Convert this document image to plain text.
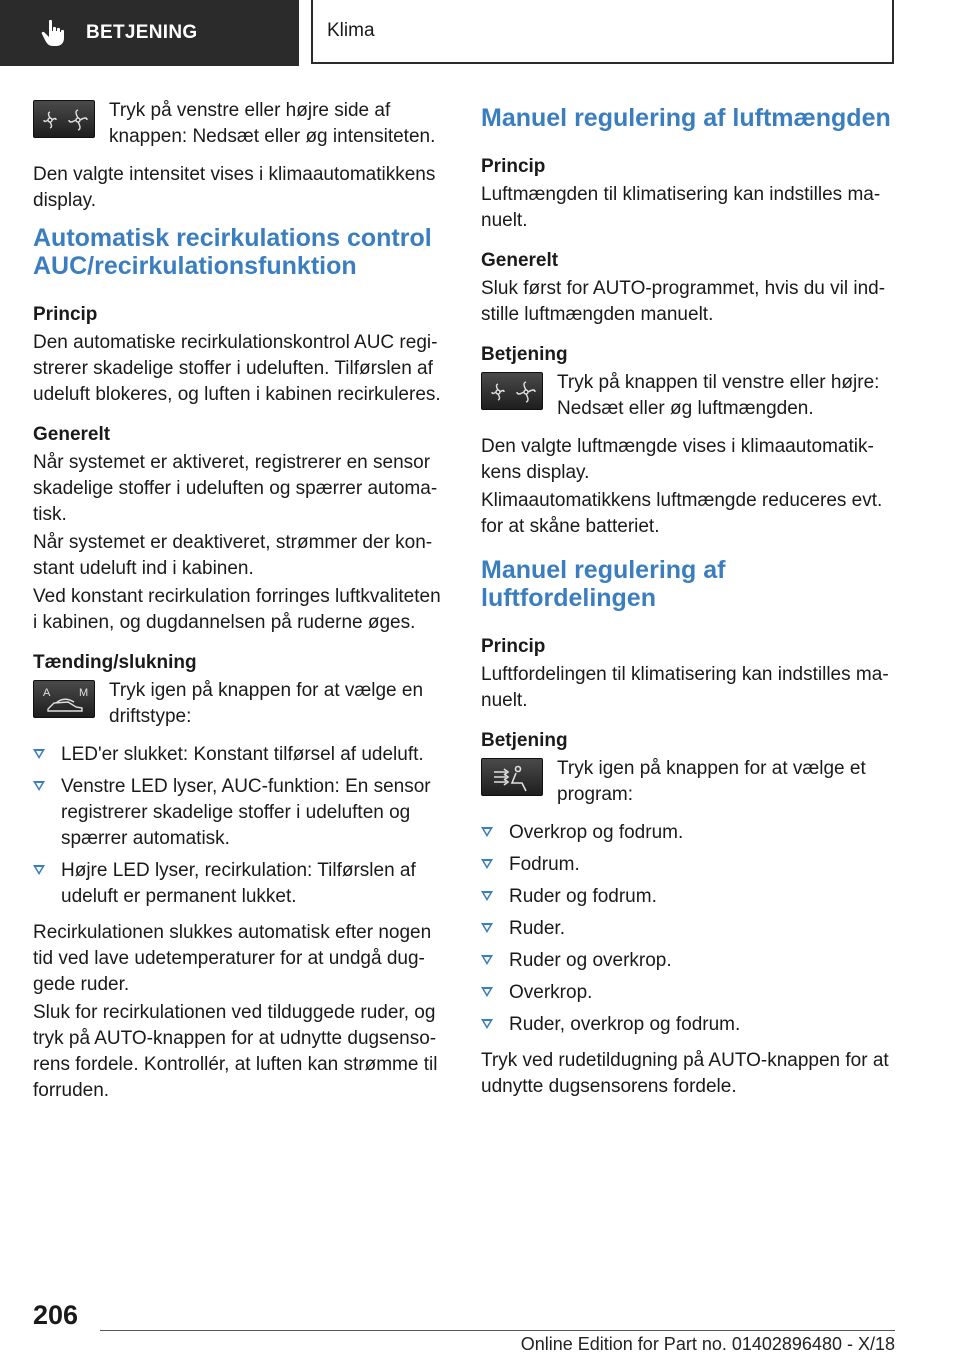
BETJENING	Klima
Tryk på venstre eller højre side af knappen: Nedsæt eller øg intensiteten.

Den valgte intensitet vises i klimaautomatikkens display.

Automatisk recirkulations control AUC/recirkulationsfunktion
Princip

Den automatiske recirkulationskontrol AUC registrerer skadelige stoffer i udeluften. Tilførslen af udeluft blokeres, og luften i kabinen recirkuleres.

Generelt

Når systemet er aktiveret, registrerer en sensor skadelige stoffer i udeluften og spærrer automatisk.

Når systemet er deaktiveret, strømmer der konstant udeluft ind i kabinen.

Ved konstant recirkulation forringes luftkvaliteten i kabinen, og dugdannelsen på ruderne øges.

Tænding/slukning
A	M Tryk igen på knappen for at vælge en driftstype:
LED'er slukket: Konstant tilførsel af udeluft.
Venstre LED lyser, AUC-funktion: En sensor registrerer skadelige stoffer i udeluften og spærrer automatisk.
Højre LED lyser, recirkulation: Tilførslen af udeluft er permanent lukket.

Recirkulationen slukkes automatisk efter nogen tid ved lave udetemperaturer for at undgå duggede ruder.

Sluk for recirkulationen ved tilduggede ruder, og tryk på AUTO-knappen for at udnytte dugsensorens fordele. Kontrollér, at luften kan strømme til forruden.

Manuel regulering af luftmængden
Princip

Luftmængden til klimatisering kan indstilles manuelt.

Generelt

Sluk først for AUTO-programmet, hvis du vil indstille luftmængden manuelt.

Betjening
Tryk på knappen til venstre eller højre: Nedsæt eller øg luftmængden.

Den valgte luftmængde vises i klimaautomatikkens display.

Klimaautomatikkens luftmængde reduceres evt. for at skåne batteriet.

Manuel regulering af luftfordelingen
Princip

Luftfordelingen til klimatisering kan indstilles manuelt.

Betjening
Tryk igen på knappen for at vælge et program:
Overkrop og fodrum.
Fodrum.
Ruder og fodrum.
Ruder.
Ruder og overkrop.
Overkrop.
Ruder, overkrop og fodrum.

Tryk ved rudetildugning på AUTO-knappen for at udnytte dugsensorens fordele.

206
Online Edition for Part no. 01402896480 - X/18
